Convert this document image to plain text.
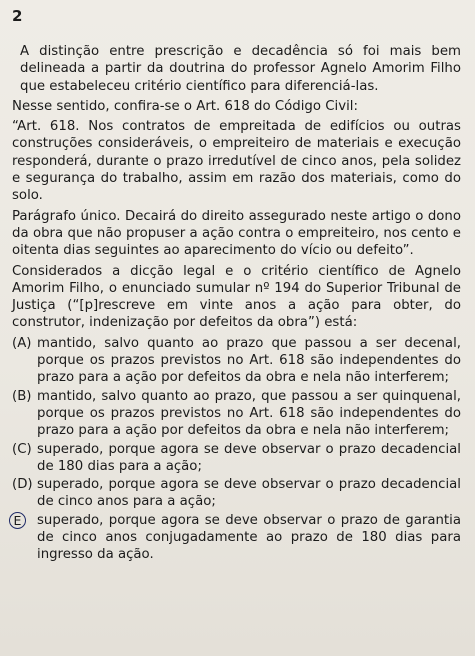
2

A distinção entre prescrição e decadência só foi mais bem delineada a partir da doutrina do professor Agnelo Amorim Filho que estabeleceu critério científico para diferenciá-las.

Nesse sentido, confira-se o Art. 618 do Código Civil:

“Art. 618. Nos contratos de empreitada de edifícios ou outras construções consideráveis, o empreiteiro de materiais e execução responderá, durante o prazo irredutível de cinco anos, pela solidez e segurança do trabalho, assim em razão dos materiais, como do solo.

Parágrafo único. Decairá do direito assegurado neste artigo o dono da obra que não propuser a ação contra o empreiteiro, nos cento e oitenta dias seguintes ao aparecimento do vício ou defeito”.

Considerados a dicção legal e o critério científico de Agnelo Amorim Filho, o enunciado sumular nº 194 do Superior Tribunal de Justiça (“[p]rescreve em vinte anos a ação para obter, do construtor, indenização por defeitos da obra”) está:

(A) mantido, salvo quanto ao prazo que passou a ser decenal, porque os prazos previstos no Art. 618 são independentes do prazo para a ação por defeitos da obra e nela não interferem;
(B) mantido, salvo quanto ao prazo, que passou a ser quinquenal, porque os prazos previstos no Art. 618 são independentes do prazo para a ação por defeitos da obra e nela não interferem;
(C) superado, porque agora se deve observar o prazo decadencial de 180 dias para a ação;
(D) superado, porque agora se deve observar o prazo decadencial de cinco anos para a ação;
E	superado, porque agora se deve observar o prazo de garantia de cinco anos conjugadamente ao prazo de 180 dias para ingresso da ação.
